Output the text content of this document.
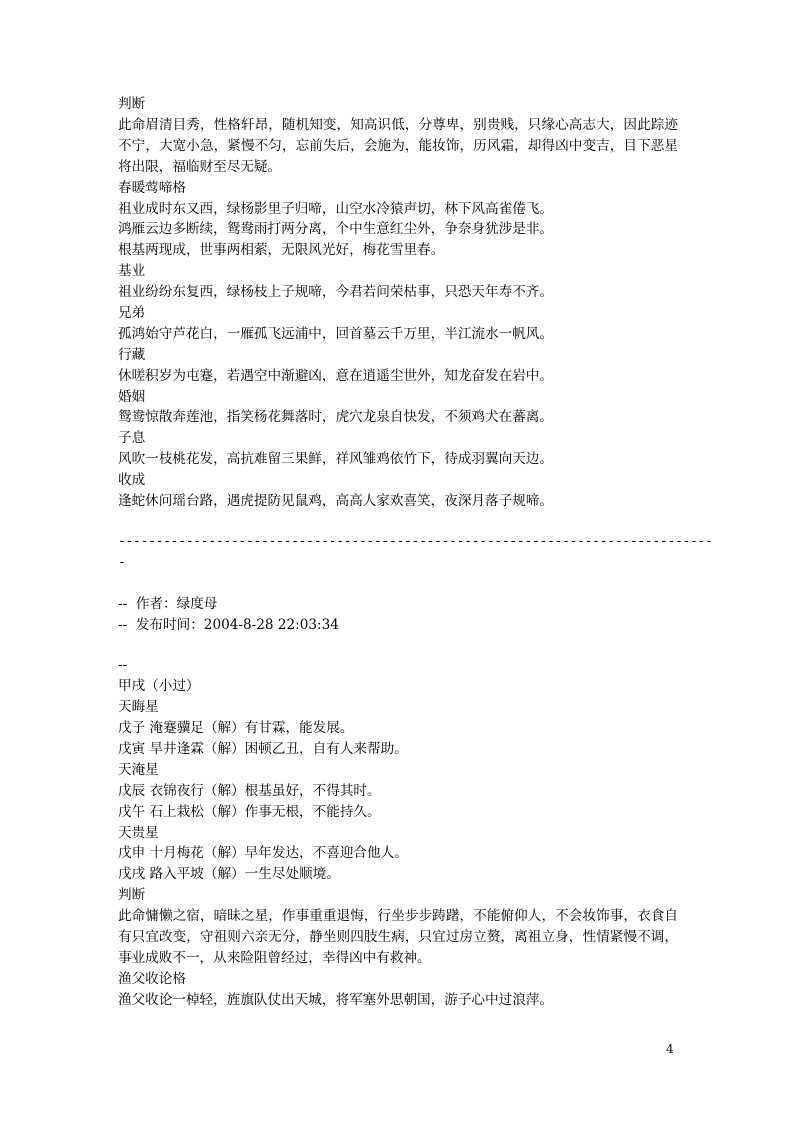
判断
此命眉清目秀，性格轩昂，随机知变，知高识低，分尊卑，别贵贱，只缘心高志大，因此踪迹不宁，大宽小急，紧慢不匀，忘前失后，会施为，能妆饰，历风霜，却得凶中变吉，目下恶星将出限，福临财至尽无疑。
春暖莺啼格
祖业成时东又西，绿杨影里子归啼，山空水冷猿声切，林下风高雀倦飞。
鸿雁云边多断续，鸳鸯雨打两分离，个中生意红尘外，争奈身犹涉是非。
根基两现成，世事两相萦，无限风光好，梅花雪里春。
基业
祖业纷纷东复西，绿杨枝上子规啼，今君若问荣枯事，只恐天年寿不齐。
兄弟
孤鸿始守芦花白，一雁孤飞远浦中，回首墓云千万里，半江流水一帆风。
行藏
休嗟积岁为屯蹇，若遇空中渐避凶，意在逍遥尘世外，知龙奋发在岩中。
婚姻
鸳鸯惊散奔莲池，指笑杨花舞落时，虎穴龙泉自快发，不须鸡犬在蕃离。
子息
风吹一枝桃花发，高抗难留三果鲜，祥风雏鸡依竹下，待成羽翼向天边。
收成
逢蛇休问瑶台路，遇虎提防见鼠鸡，高高人家欢喜笑，夜深月落子规啼。
-------------------------------------------------------------------------------
-
--  作者：绿度母
--  发布时间：2004-8-28 22:03:34
--
甲戌（小过）
天晦星
戊子 淹蹇骥足（解）有甘霖，能发展。
戊寅 旱井逢霖（解）困顿乙丑，自有人来帮助。
天淹星
戊辰 衣锦夜行（解）根基虽好，不得其时。
戊午 石上栽松（解）作事无根，不能持久。
天贵星
戊申 十月梅花（解）早年发达，不喜迎合他人。
戊戌 路入平坡（解）一生尽处顺境。
判断
此命慵懒之宿，暗昧之星，作事重重退悔，行坐步步踌躇，不能俯仰人，不会妆饰事，衣食自有只宜改变，守祖则六亲无分，静坐则四肢生病，只宜过房立赘，离祖立身，性情紧慢不调，事业成败不一，从来险阻曾经过，幸得凶中有救神。
渔父收论格
渔父收论一棹轻，旌旗队仗出天城，将军塞外思朝国，游子心中过浪萍。
4
